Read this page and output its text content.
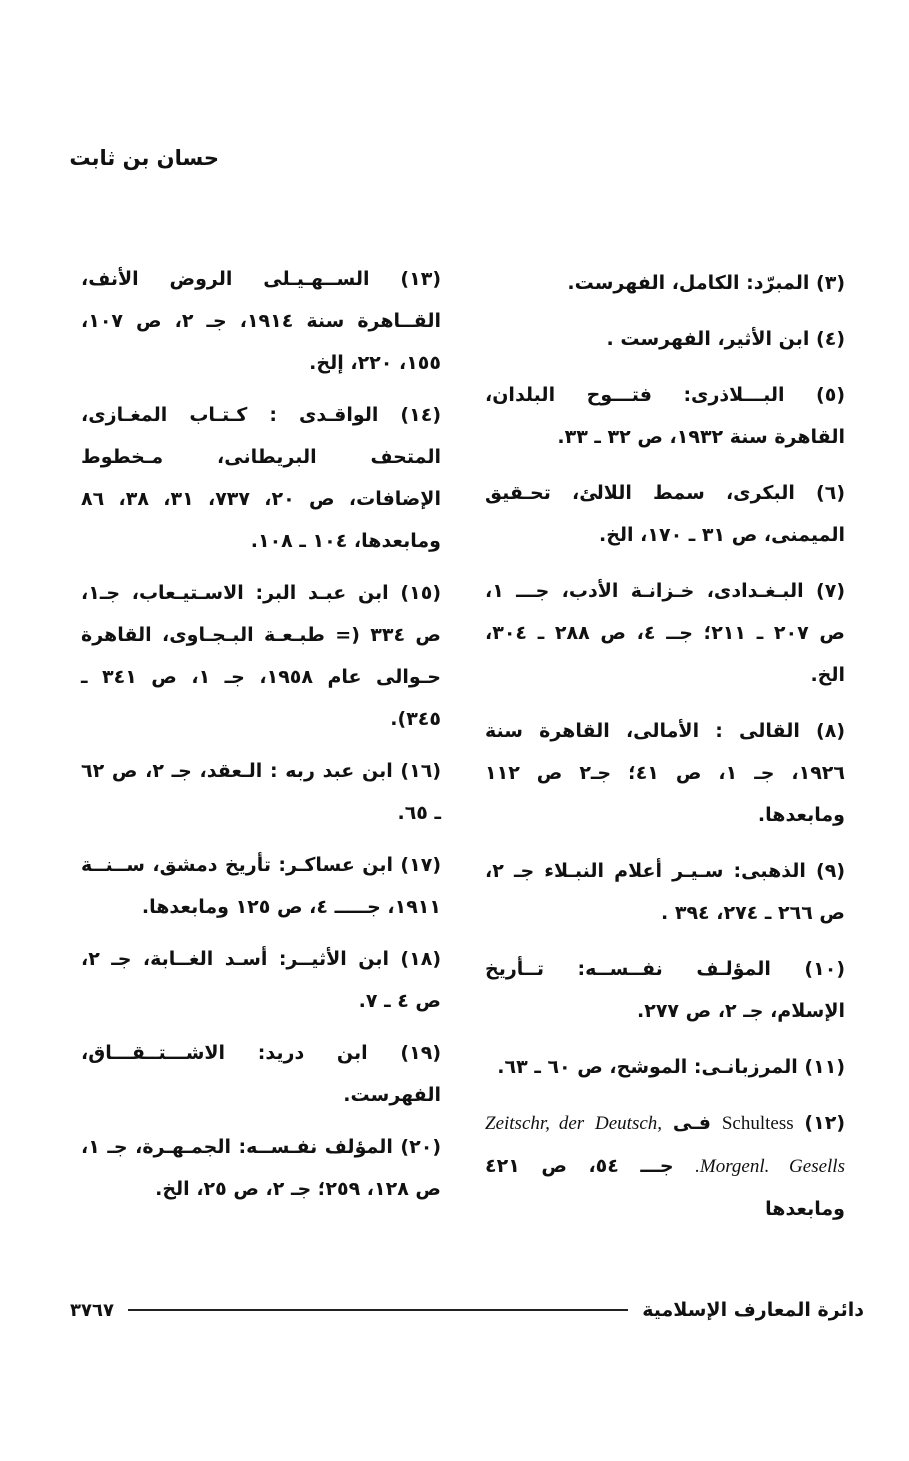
حسان بن ثابت

(٣) المبرّد: الكامل، الفهرست.

(٤) ابن الأثير، الفهرست .

(٥) البـــلاذرى: فتـــوح البلدان، القاهرة سنة ١٩٣٢، ص ٣٢ ـ ٣٣.

(٦) البكرى، سمط اللالئ، تحـقيق الميمنى، ص ٣١ ـ ١٧٠، الخ.

(٧) البـغـدادى، خـزانـة الأدب، جـــ ١، ص ٢٠٧ ـ ٢١١؛ جــ ٤، ص ٢٨٨ ـ ٣٠٤، الخ.

(٨) القالى : الأمالى، القاهرة سنة ١٩٢٦، جـ ١، ص ٤١؛ جـ٢ ص ١١٢ ومابعدها.

(٩) الذهبى: سـيـر أعلام النبـلاء جـ ٢، ص ٢٦٦ ـ ٢٧٤، ٣٩٤ .

(١٠) المؤلـف نفــســه: تــأريخ الإسلام، جـ ٢، ص ٢٧٧.

(١١) المرزبانـى: الموشح، ص ٦٠ ـ ٦٣.

(١٢) Schultess فـى Zeitschr, der Deutsch, Morgenl. Gesells. جـــ ٥٤، ص ٤٢١ ومابعدها

(١٣) الســهـيـلى الروض الأنف، القــاهرة سنة ١٩١٤، جـ ٢، ص ١٠٧، ١٥٥، ٢٢٠، إلخ.

(١٤) الواقـدى : كـتـاب المغـازى، المتحف البريطانى، مـخطوط الإضافات، ص ٢٠، ٧٣٧، ٣١، ٣٨، ٨٦ ومابعدها، ١٠٤ ـ ١٠٨.

(١٥) ابن عبـد البر: الاسـتيـعاب، جـ١، ص ٣٣٤ (= طبـعـة البـجـاوى، القاهرة حـوالى عام ١٩٥٨، جـ ١، ص ٣٤١ ـ ٣٤٥).

(١٦) ابن عبد ربه : الـعقد، جـ ٢، ص ٦٢ ـ ٦٥.

(١٧) ابن عساكـر: تأريخ دمشق، ســنــة ١٩١١، جـــــ ٤، ص ١٢٥ ومابعدها.

(١٨) ابن الأثيــر: أسـد الغــابة، جـ ٢، ص ٤ ـ ٧.

(١٩) ابن دريد: الاشـــتــقـــاق، الفهرست.

(٢٠) المؤلف نفـســه: الجمـهـرة، جـ ١، ص ١٢٨، ٢٥٩؛ جـ ٢، ص ٢٥، الخ.

دائرة المعارف الإسلامية
٣٧٦٧
